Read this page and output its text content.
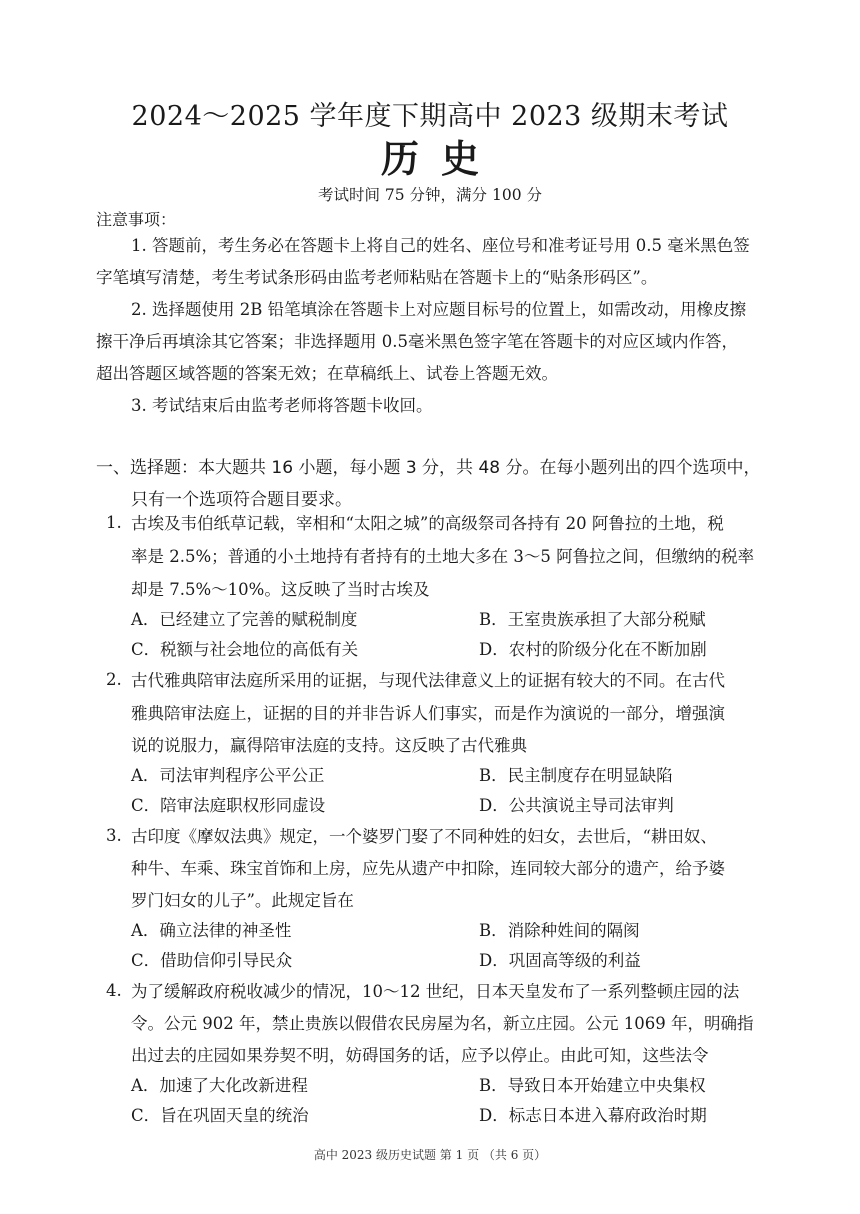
2024～2025 学年度下期高中 2023 级期末考试
历史
考试时间 75 分钟，满分 100 分
注意事项：
1. 答题前，考生务必在答题卡上将自己的姓名、座位号和准考证号用 0.5 毫米黑色签
字笔填写清楚，考生考试条形码由监考老师粘贴在答题卡上的“贴条形码区”。
2. 选择题使用 2B 铅笔填涂在答题卡上对应题目标号的位置上，如需改动，用橡皮擦
擦干净后再填涂其它答案；非选择题用 0.5毫米黑色签字笔在答题卡的对应区域内作答，
超出答题区域答题的答案无效；在草稿纸上、试卷上答题无效。
3. 考试结束后由监考老师将答题卡收回。
一、选择题：本大题共 16 小题，每小题 3 分，共 48 分。在每小题列出的四个选项中，
只有一个选项符合题目要求。
1. 古埃及韦伯纸草记载，宰相和“太阳之城”的高级祭司各持有 20 阿鲁拉的土地，税
率是 2.5%；普通的小土地持有者持有的土地大多在 3～5 阿鲁拉之间，但缴纳的税率
却是 7.5%～10%。这反映了当时古埃及
A．已经建立了完善的赋税制度	B．王室贵族承担了大部分税赋
C．税额与社会地位的高低有关	D．农村的阶级分化在不断加剧
2. 古代雅典陪审法庭所采用的证据，与现代法律意义上的证据有较大的不同。在古代
雅典陪审法庭上，证据的目的并非告诉人们事实，而是作为演说的一部分，增强演
说的说服力，赢得陪审法庭的支持。这反映了古代雅典
A．司法审判程序公平公正	B．民主制度存在明显缺陷
C．陪审法庭职权形同虚设	D．公共演说主导司法审判
3. 古印度《摩奴法典》规定，一个婆罗门娶了不同种姓的妇女，去世后，“耕田奴、
种牛、车乘、珠宝首饰和上房，应先从遗产中扣除，连同较大部分的遗产，给予婆
罗门妇女的儿子”。此规定旨在
A．确立法律的神圣性	B．消除种姓间的隔阂
C．借助信仰引导民众	D．巩固高等级的利益
4. 为了缓解政府税收减少的情况，10～12 世纪，日本天皇发布了一系列整顿庄园的法
令。公元 902 年，禁止贵族以假借农民房屋为名，新立庄园。公元 1069 年，明确指
出过去的庄园如果券契不明，妨碍国务的话，应予以停止。由此可知，这些法令
A．加速了大化改新进程	B．导致日本开始建立中央集权
C．旨在巩固天皇的统治	D．标志日本进入幕府政治时期
高中 2023 级历史试题 第 1 页 （共 6 页）
